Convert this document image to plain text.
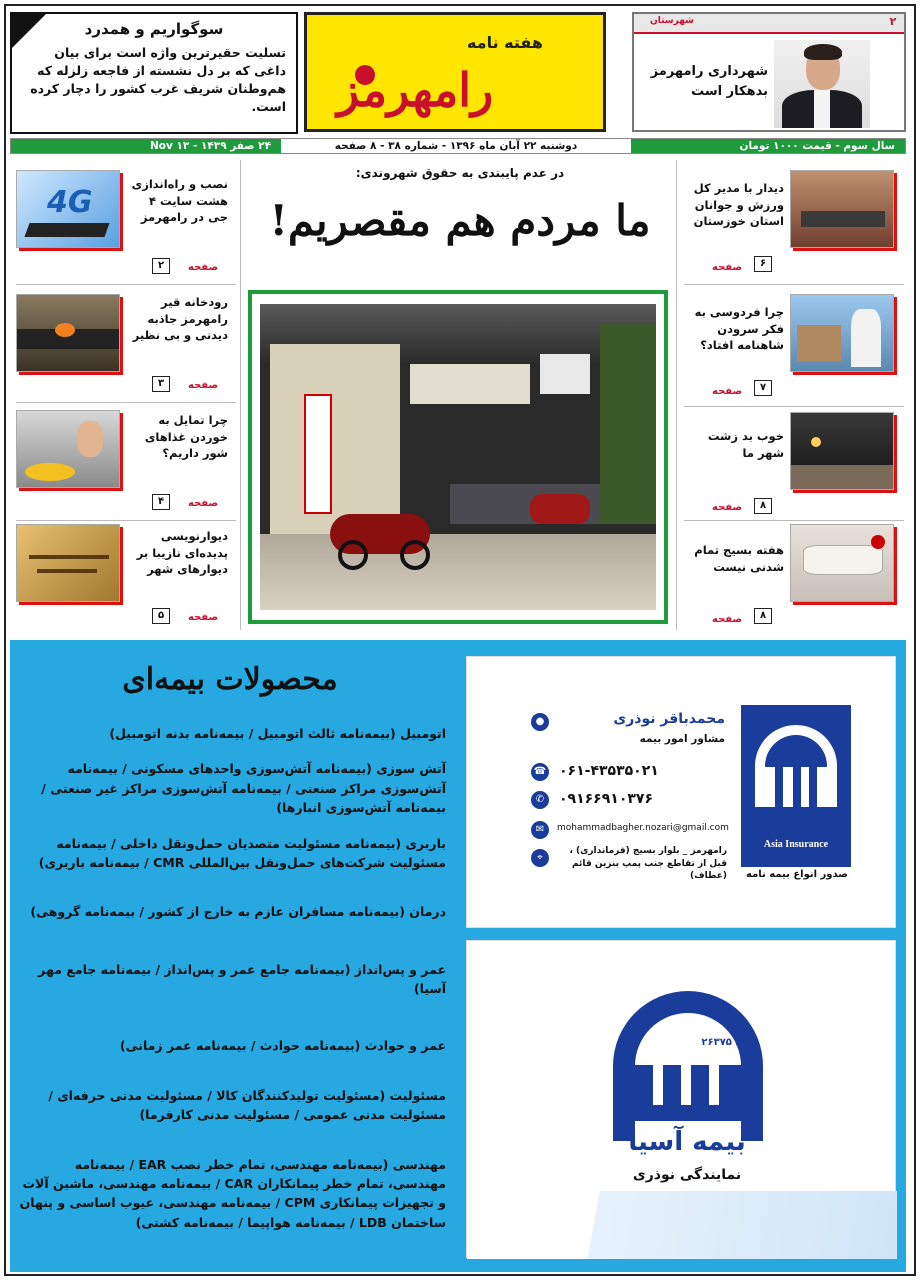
سوگواریم و همدرد

تسلیت حقیرترین واژه است برای بیان داغی که بر دل نشسته از فاجعه زلزله که هم‌وطنان شریف غرب کشور را دچار کرده است.

هفته نامه
رامهرمز
۲
شهرستان
شهرداری رامهرمز بدهکار است
۲۴ صفر ۱۴۳۹ - ۱۳ Nov	دوشنبه ۲۲ آبان ماه ۱۳۹۶ - شماره ۳۸ - ۸ صفحه	سال سوم - قیمت ۱۰۰۰ تومان
4G
نصب و راه‌اندازی هشت سایت ۴ جی در رامهرمز
صفحه
۲
رودخانه قیر رامهرمز جاذبه دیدنی و بی نظیر
صفحه
۳
چرا تمایل به خوردن غذاهای شور داریم؟
صفحه
۴
دیوارنویسی پدیده‌ای نازیبا بر دیوارهای شهر
صفحه
۵
در عدم پایبندی به حقوق شهروندی:
ما مردم هم مقصریم!
دیدار با مدیر کل ورزش و جوانان استان خوزستان
صفحه	۶
چرا فردوسی به فکر سرودن شاهنامه افتاد؟
صفحه	۷
خوب بد زشت شهر ما
صفحه	۸
هفته بسیج تمام شدنی نیست
صفحه	۸
محصولات بیمه‌ای
اتومبیل (بیمه‌نامه ثالث اتومبیل / بیمه‌نامه بدنه اتومبیل)
آتش سوزی (بیمه‌نامه آتش‌سوزی واحدهای مسکونی / بیمه‌نامه آتش‌سوزی مراکز صنعتی / بیمه‌نامه آتش‌سوزی مراکز غیر صنعتی / بیمه‌نامه آتش‌سوزی انبارها)
باربری (بیمه‌نامه مسئولیت متصدیان حمل‌ونقل داخلی / بیمه‌نامه مسئولیت شرکت‌های حمل‌ونقل بین‌المللی CMR / بیمه‌نامه باربری)
درمان (بیمه‌نامه مسافران عازم به خارج از کشور / بیمه‌نامه گروهی)
عمر و پس‌انداز (بیمه‌نامه جامع عمر و پس‌انداز / بیمه‌نامه جامع مهر آسیا)
عمر و حوادث (بیمه‌نامه حوادث / بیمه‌نامه عمر زمانی)
مسئولیت (مسئولیت تولیدکنندگان کالا / مسئولیت مدنی حرفه‌ای / مسئولیت مدنی عمومی / مسئولیت مدنی کارفرما)
مهندسی (بیمه‌نامه مهندسی، تمام خطر نصب EAR / بیمه‌نامه مهندسی، تمام خطر پیمانکاران CAR / بیمه‌نامه مهندسی، ماشین آلات و تجهیزات پیمانکاری CPM / بیمه‌نامه مهندسی، عیوب اساسی و پنهان ساختمان LDB / بیمه‌نامه هواپیما / بیمه‌نامه کشتی)
Asia Insurance
صدور انواع بیمه نامه
●	محمدباقر نوذری
مشاور امور بیمه
☎ ۰۶۱-۴۳۵۳۵۰۲۱
✆	۰۹۱۶۶۹۱۰۳۷۶
✉	mohammadbagher.nozari@gmail.com
⌖
رامهرمز _ بلوار بسیج (فرمانداری) ، قبل از تقاطع جنب پمپ بنزین قائم (عطاف)
کد ۲۶۳۷۵
بیمه آسیا
نمایندگی نوذری
